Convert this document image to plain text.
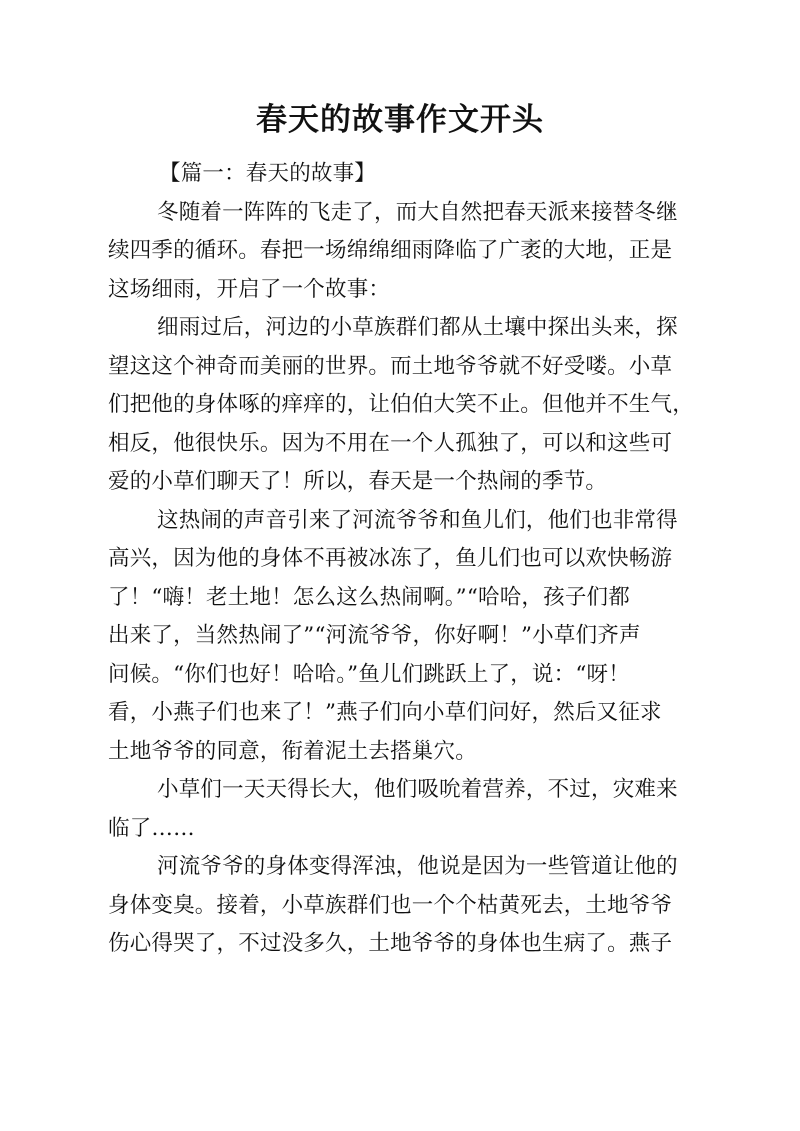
春天的故事作文开头
【篇一：春天的故事】
冬随着一阵阵的飞走了，而大自然把春天派来接替冬继
续四季的循环。春把一场绵绵细雨降临了广袤的大地，正是
这场细雨，开启了一个故事：
细雨过后，河边的小草族群们都从土壤中探出头来，探
望这这个神奇而美丽的世界。而土地爷爷就不好受喽。小草
们把他的身体啄的痒痒的，让伯伯大笑不止。但他并不生气，
相反，他很快乐。因为不用在一个人孤独了，可以和这些可
爱的小草们聊天了！所以，春天是一个热闹的季节。
这热闹的声音引来了河流爷爷和鱼儿们，他们也非常得
高兴，因为他的身体不再被冰冻了，鱼儿们也可以欢快畅游
了！“嗨！老土地！怎么这么热闹啊。”“哈哈，孩子们都
出来了，当然热闹了”“河流爷爷，你好啊！”小草们齐声
问候。“你们也好！哈哈。”鱼儿们跳跃上了，说：“呀！
看，小燕子们也来了！”燕子们向小草们问好，然后又征求
土地爷爷的同意，衔着泥土去搭巢穴。
小草们一天天得长大，他们吸吮着营养，不过，灾难来
临了……
河流爷爷的身体变得浑浊，他说是因为一些管道让他的
身体变臭。接着，小草族群们也一个个枯黄死去，土地爷爷
伤心得哭了，不过没多久，土地爷爷的身体也生病了。燕子
